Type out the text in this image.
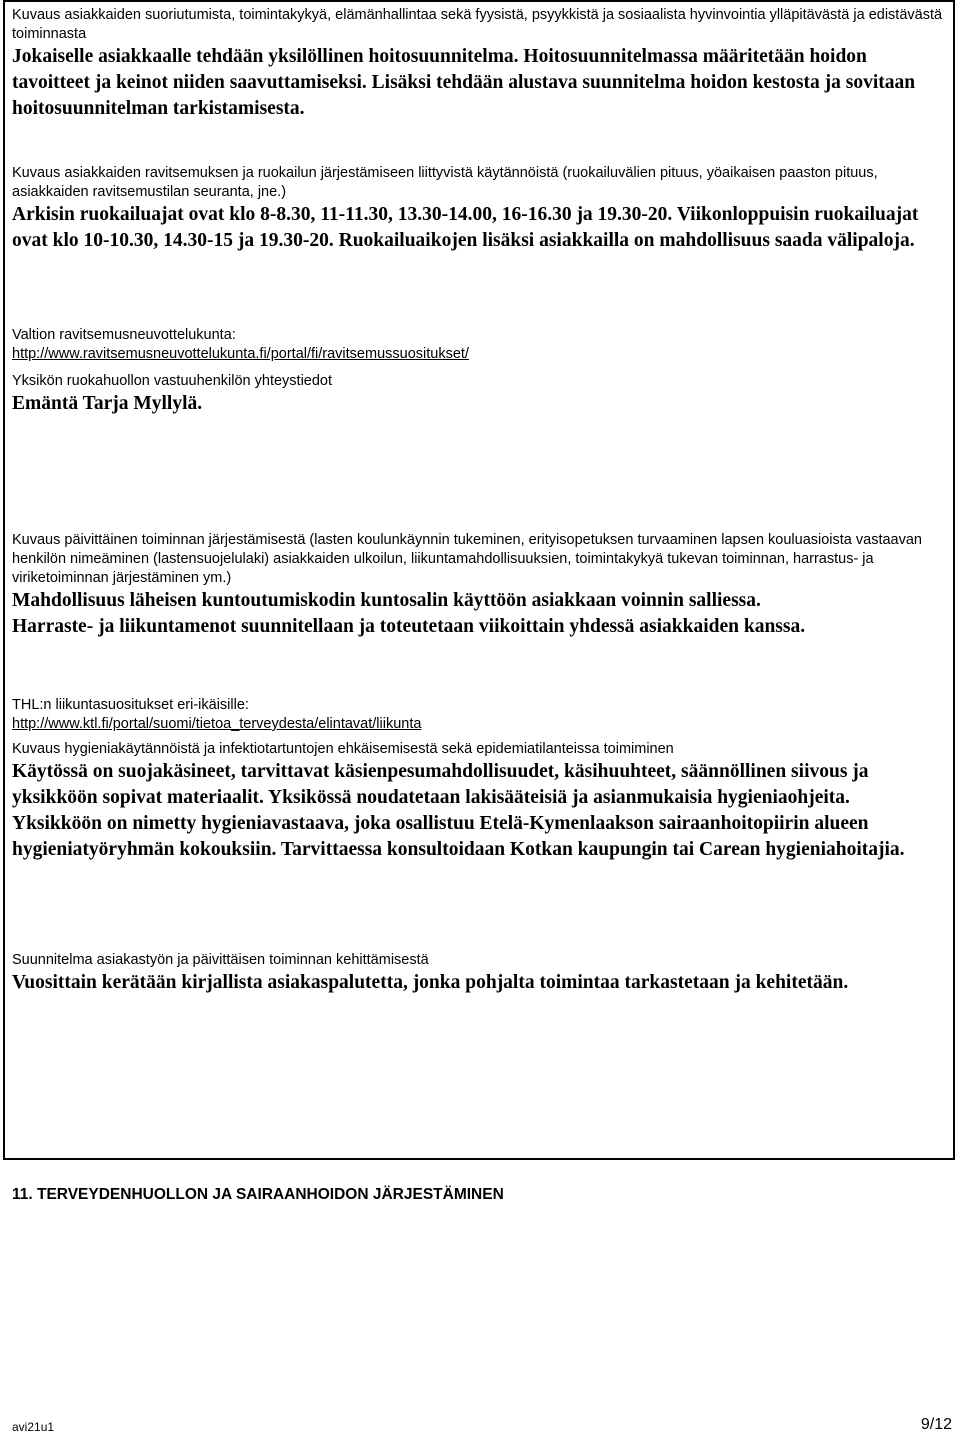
Kuvaus asiakkaiden suoriutumista, toimintakykyä, elämänhallintaa sekä fyysistä, psyykkistä ja sosiaalista hyvinvointia ylläpitävästä ja edistävästä toiminnasta

Jokaiselle asiakkaalle tehdään yksilöllinen hoitosuunnitelma. Hoitosuunnitelmassa määritetään hoidon tavoitteet ja keinot niiden saavuttamiseksi. Lisäksi tehdään alustava suunnitelma hoidon kestosta ja sovitaan hoitosuunnitelman tarkistamisesta.

Kuvaus asiakkaiden ravitsemuksen ja ruokailun järjestämiseen liittyvistä käytännöistä (ruokailuvälien pituus, yöaikaisen paaston pituus, asiakkaiden ravitsemustilan seuranta, jne.)

Arkisin ruokailuajat ovat klo 8-8.30, 11-11.30, 13.30-14.00, 16-16.30 ja 19.30-20. Viikonloppuisin ruokailuajat ovat klo 10-10.30, 14.30-15 ja 19.30-20. Ruokailuaikojen lisäksi asiakkailla on mahdollisuus saada välipaloja.

Valtion ravitsemusneuvottelukunta:

http://www.ravitsemusneuvottelukunta.fi/portal/fi/ravitsemussuositukset/

Yksikön ruokahuollon vastuuhenkilön yhteystiedot

Emäntä Tarja Myllylä.

Kuvaus päivittäinen toiminnan järjestämisestä (lasten koulunkäynnin tukeminen, erityisopetuksen turvaaminen lapsen kouluasioista vastaavan henkilön nimeäminen (lastensuojelulaki) asiakkaiden ulkoilun, liikuntamahdollisuuksien, toimintakykyä tukevan toiminnan, harrastus- ja viriketoiminnan järjestäminen ym.)

Mahdollisuus läheisen kuntoutumiskodin kuntosalin käyttöön asiakkaan voinnin salliessa.

Harraste- ja liikuntamenot suunnitellaan ja toteutetaan viikoittain yhdessä asiakkaiden kanssa.

THL:n liikuntasuositukset eri-ikäisille:

http://www.ktl.fi/portal/suomi/tietoa_terveydesta/elintavat/liikunta

Kuvaus hygieniakäytännöistä ja infektiotartuntojen ehkäisemisestä sekä epidemiatilanteissa toimiminen

Käytössä on suojakäsineet, tarvittavat käsienpesumahdollisuudet, käsihuuhteet, säännöllinen siivous ja yksikköön sopivat materiaalit. Yksikössä noudatetaan lakisääteisiä ja asianmukaisia hygieniaohjeita. Yksikköön on nimetty hygieniavastaava, joka osallistuu Etelä-Kymenlaakson sairaanhoitopiirin alueen hygieniatyöryhmän kokouksiin. Tarvittaessa konsultoidaan Kotkan kaupungin tai Carean hygieniahoitajia.

Suunnitelma asiakastyön ja päivittäisen toiminnan kehittämisestä

Vuosittain kerätään kirjallista asiakaspalutetta, jonka pohjalta toimintaa tarkastetaan ja kehitetään.

11. TERVEYDENHUOLLON JA SAIRAANHOIDON JÄRJESTÄMINEN
avi21u1	9/12
